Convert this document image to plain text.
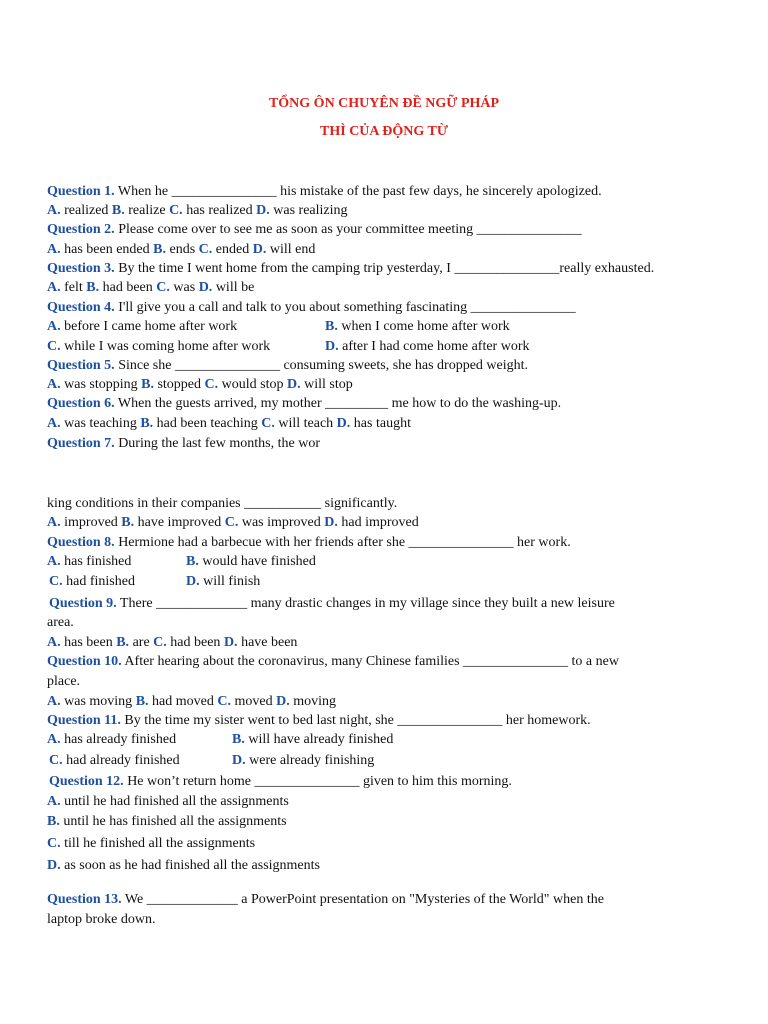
TỔNG ÔN CHUYÊN ĐỀ NGỮ PHÁP
THÌ CỦA ĐỘNG TỪ
Question 1. When he _______________ his mistake of the past few days, he sincerely apologized.
A. realized B. realize C. has realized D. was realizing
Question 2. Please come over to see me as soon as your committee meeting _______________
A. has been ended B. ends C. ended D. will end
Question 3. By the time I went home from the camping trip yesterday, I _______________really exhausted.
A. felt B. had been C. was D. will be
Question 4. I'll give you a call and talk to you about something fascinating _______________
A. before I came home after work	B. when I come home after work
C. while I was coming home after work	D. after I had come home after work
Question 5. Since she _______________ consuming sweets, she has dropped weight.
A. was stopping B. stopped C. would stop D. will stop
Question 6. When the guests arrived, my mother _________ me how to do the washing-up.
A. was teaching B. had been teaching C. will teach D. has taught
Question 7. During the last few months, the wor
king conditions in their companies ___________ significantly.
A. improved B. have improved C. was improved D. had improved
Question 8. Hermione had a barbecue with her friends after she _______________ her work.
A. has finished	B. would have finished
C. had finished	D. will finish
Question 9. There _____________ many drastic changes in my village since they built a new leisure
area.
A. has been B. are C. had been D. have been
Question 10. After hearing about the coronavirus, many Chinese families _______________ to a new
place.
A. was moving B. had moved C. moved D. moving
Question 11. By the time my sister went to bed last night, she _______________ her homework.
A. has already finished	B. will have already finished
C. had already finished	D. were already finishing
Question 12. He won’t return home _______________ given to him this morning.
A. until he had finished all the assignments
B. until he has finished all the assignments
C. till he finished all the assignments
D. as soon as he had finished all the assignments
Question 13. We _____________ a PowerPoint presentation on "Mysteries of the World" when the
laptop broke down.
